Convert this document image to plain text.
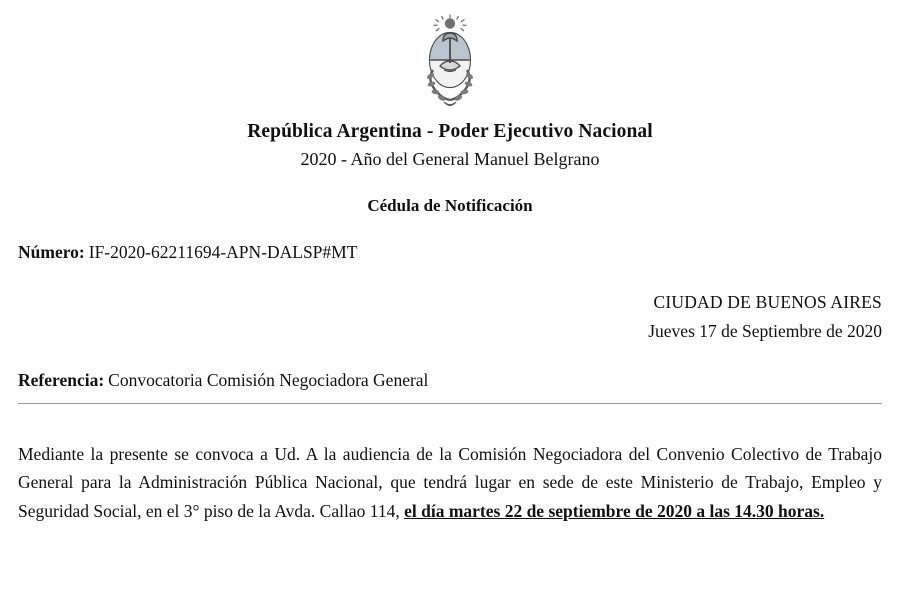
República Argentina - Poder Ejecutivo Nacional
2020 - Año del General Manuel Belgrano
Cédula de Notificación
Número: IF-2020-62211694-APN-DALSP#MT
CIUDAD DE BUENOS AIRES
Jueves 17 de Septiembre de 2020
Referencia: Convocatoria Comisión Negociadora General
Mediante la presente se convoca a Ud. A la audiencia de la Comisión Negociadora del Convenio Colectivo de Trabajo General para la Administración Pública Nacional, que tendrá lugar en sede de este Ministerio de Trabajo, Empleo y Seguridad Social, en el 3° piso de la Avda. Callao 114, el día martes 22 de septiembre de 2020 a las 14.30 horas.
